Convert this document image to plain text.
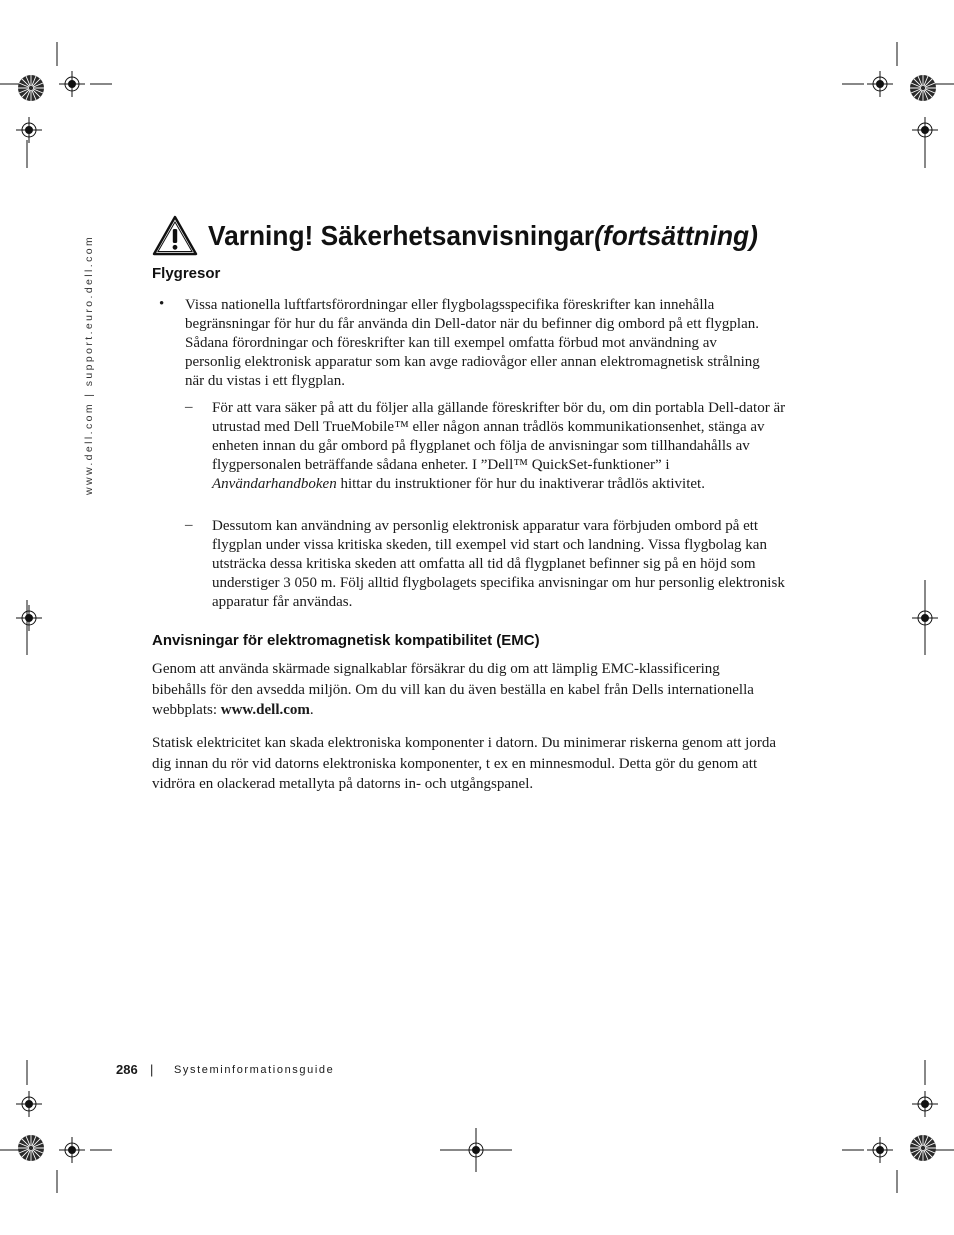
www.dell.com | support.euro.dell.com	Varning! Säkerhetsanvisningar(fortsättning)
Flygresor
• Vissa nationella luftfartsförordningar eller flygbolagsspecifika föreskrifter kan innehålla begränsningar för hur du får använda din Dell-dator när du befinner dig ombord på ett flygplan. Sådana förordningar och föreskrifter kan till exempel omfatta förbud mot användning av personlig elektronisk apparatur som kan avge radiovågor eller annan elektromagnetisk strålning när du vistas i ett flygplan.

– För att vara säker på att du följer alla gällande föreskrifter bör du, om din portabla Dell-dator är utrustad med Dell TrueMobile™ eller någon annan trådlös kommunikationsenhet, stänga av enheten innan du går ombord på flygplanet och följa de anvisningar som tillhandahålls av flygpersonalen beträffande sådana enheter. I ”Dell™ QuickSet-funktioner” i Användarhandboken hittar du instruktioner för hur du inaktiverar trådlös aktivitet.

– Dessutom kan användning av personlig elektronisk apparatur vara förbjuden ombord på ett flygplan under vissa kritiska skeden, till exempel vid start och landning. Vissa flygbolag kan utsträcka dessa kritiska skeden att omfatta all tid då flygplanet befinner sig på en höjd som understiger 3 050 m. Följ alltid flygbolagets specifika anvisningar om hur personlig elektronisk apparatur får användas.

Anvisningar för elektromagnetisk kompatibilitet (EMC)

Genom att använda skärmade signalkablar försäkrar du dig om att lämplig EMC-klassificering bibehålls för den avsedda miljön. Om du vill kan du även beställa en kabel från Dells internationella webbplats: www.dell.com.

Statisk elektricitet kan skada elektroniska komponenter i datorn. Du minimerar riskerna genom att jorda dig innan du rör vid datorns elektroniska komponenter, t ex en minnesmodul. Detta gör du genom att vidröra en olackerad metallyta på datorns in- och utgångspanel.

286 | Systeminformationsguide
